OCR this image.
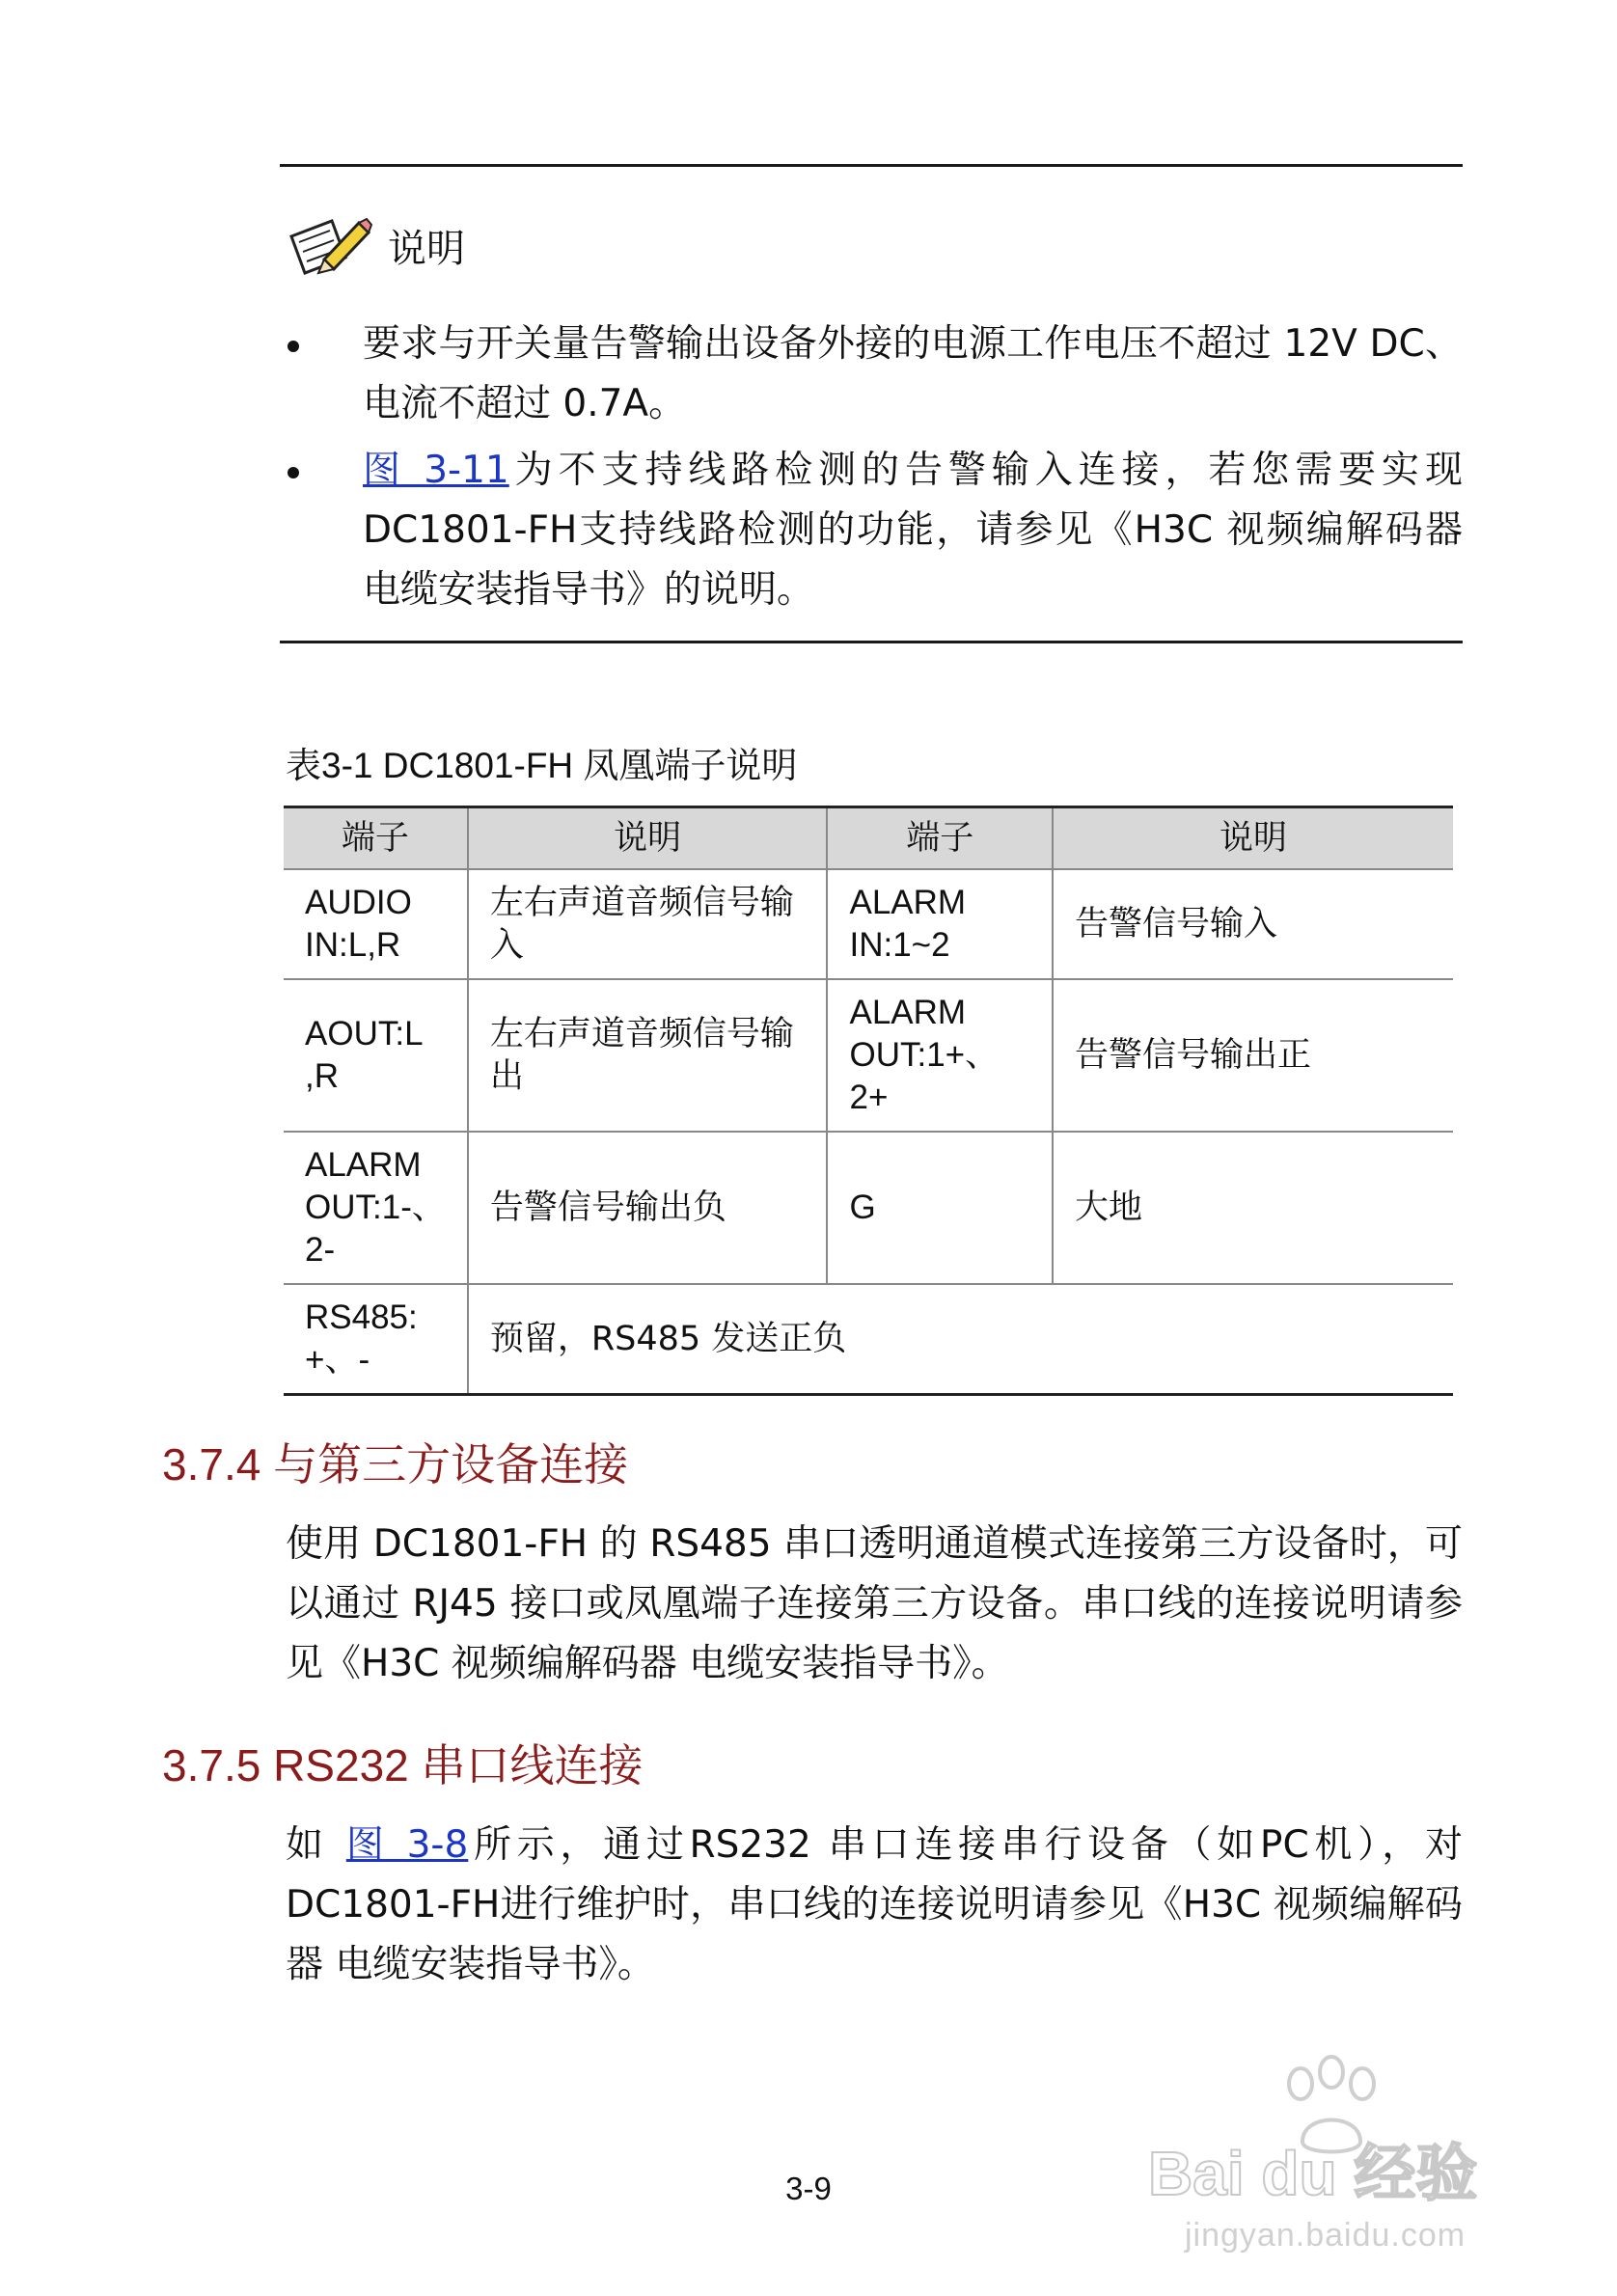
说明
要求与开关量告警输出设备外接的电源工作电压不超过 12V DC、电流不超过 0.7A。
图 3-11为不支持线路检测的告警输入连接，若您需要实现 DC1801-FH支持线路检测的功能，请参见《H3C 视频编解码器 电缆安装指导书》的说明。
表3-1 DC1801-FH 凤凰端子说明
端子	说明	端子	说明
AUDIO IN:L,R	左右声道音频信号输入	ALARM IN:1~2	告警信号输入
AOUT:L ,R	左右声道音频信号输出	ALARM OUT:1+、2+	告警信号输出正
ALARM OUT:1-、2-	告警信号输出负	G	大地
RS485: +、-	预留，RS485 发送正负		
3.7.4 与第三方设备连接
使用 DC1801-FH 的 RS485 串口透明通道模式连接第三方设备时，可以通过 RJ45 接口或凤凰端子连接第三方设备。串口线的连接说明请参见《H3C 视频编解码器 电缆安装指导书》。
3.7.5 RS232 串口线连接
如 图 3-8所示，通过RS232 串口连接串行设备（如PC机），对DC1801-FH进行维护时，串口线的连接说明请参见《H3C 视频编解码器 电缆安装指导书》。
3-9	Bai du 经验
jingyan.baidu.com
